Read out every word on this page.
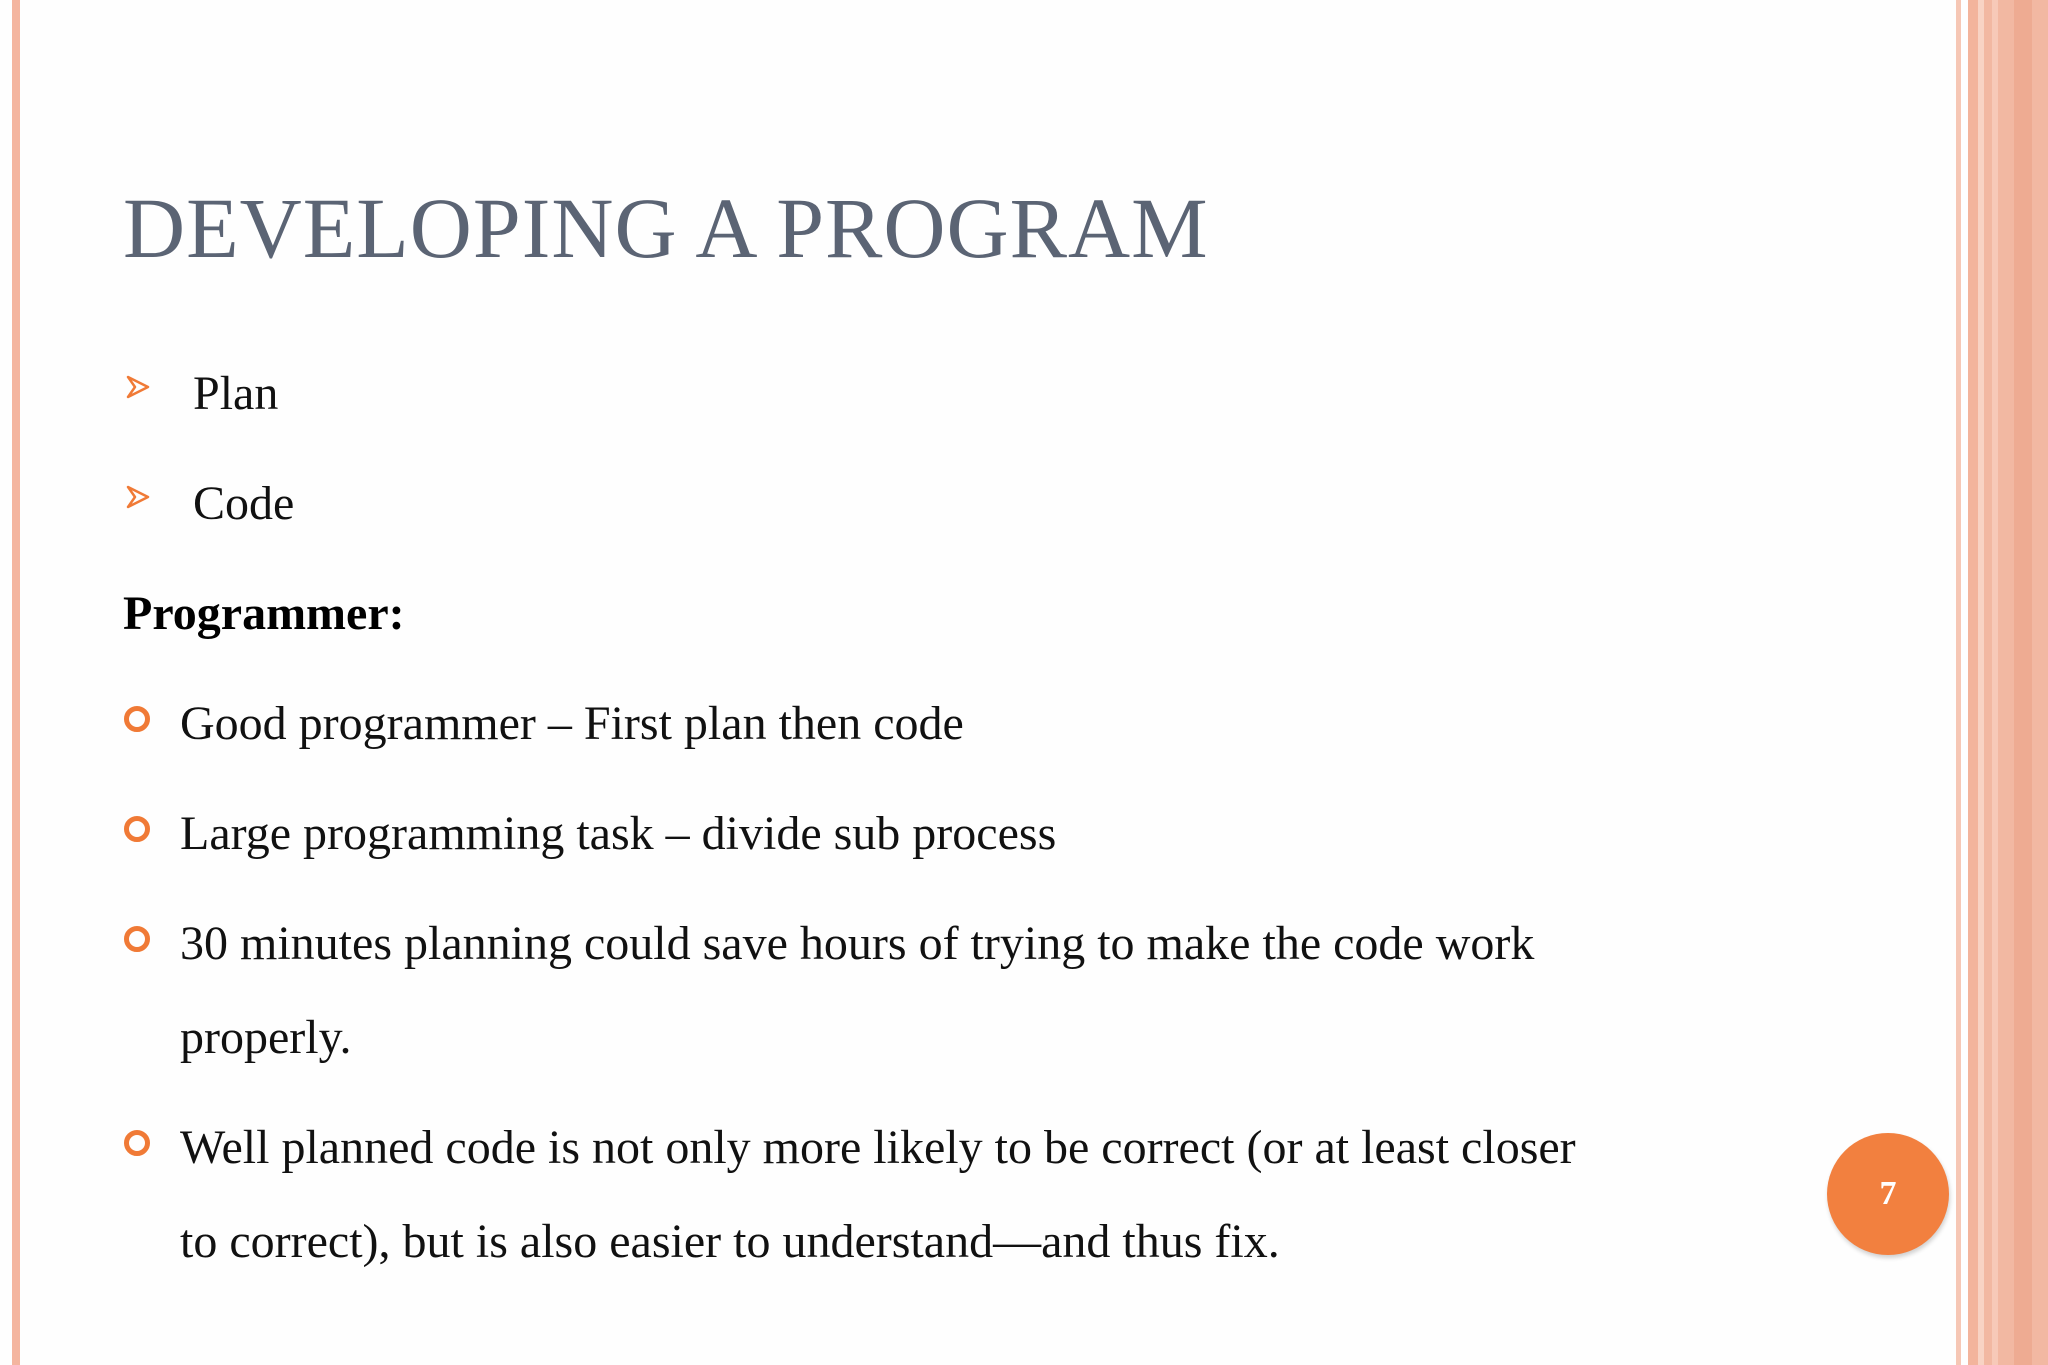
DEVELOPING A PROGRAM
Plan
Code
Programmer:
Good programmer – First plan then code
Large programming task – divide sub process
30 minutes planning could save hours of trying to make the code work
properly.
Well planned code is not only more likely to be correct (or at least closer
to correct), but is also easier to understand—and thus fix.
7
